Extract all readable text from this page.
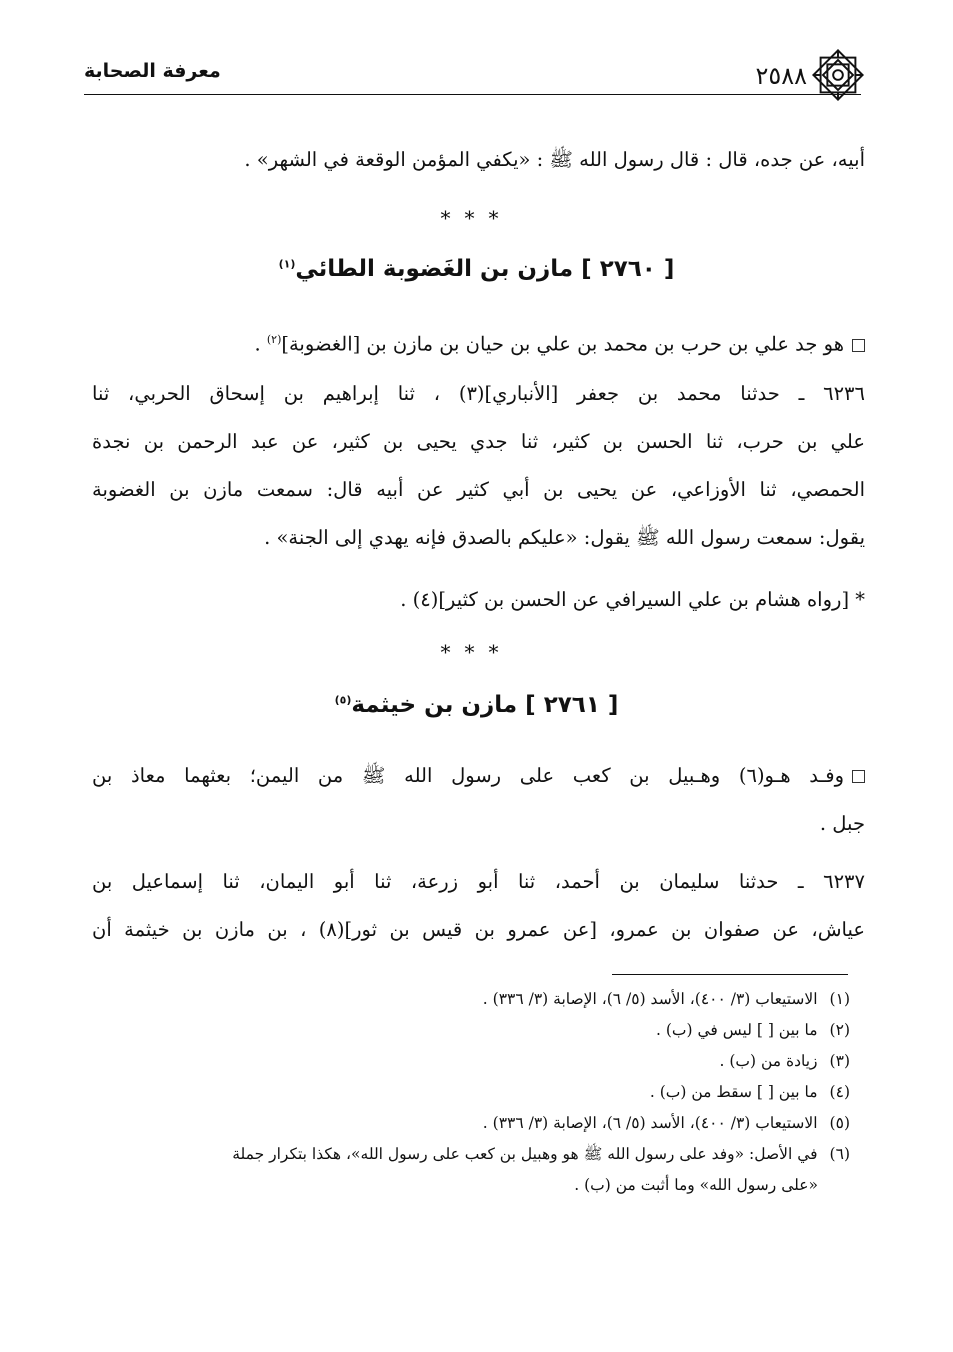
معرفة الصحابة	٢٥٨٨
أبيه، عن جده، قال : قال رسول الله ﷺ : «يكفي المؤمن الوقعة في الشهر» .
***
[ ٢٧٦٠ ] مازن بن الغَضوبة الطائي$^{(١)}$
هو جد علي بن حرب بن محمد بن علي بن حيان بن مازن بن [الغضوبة]$^{(٢)}$ .
٦٢٣٦ ـ حدثنا محمد بن جعفر [الأنباري](٣) ، ثنا إبراهيم بن إسحاق الحربي، ثنا
علي بن حرب، ثنا الحسن بن كثير، ثنا جدي يحيى بن كثير، عن عبد الرحمن بن نجدة
الحمصي، ثنا الأوزاعي، عن يحيى بن أبي كثير عن أبيه قال: سمعت مازن بن الغضوبة
يقول: سمعت رسول الله ﷺ يقول: «عليكم بالصدق فإنه يهدي إلى الجنة» .
* [رواه هشام بن علي السيرافي عن الحسن بن كثير](٤) .
***
[ ٢٧٦١ ] مازن بن خيثمة$^{(٥)}$
وفـد هـو(٦) وهـبيل بن كعب على رسول الله ﷺ من اليمن؛ بعثهما معاذ بن
جبل .
٦٢٣٧ ـ حدثنا سليمان بن أحمد، ثنا أبو زرعة، ثنا أبو اليمان، ثنا إسماعيل بن
عياش، عن صفوان بن عمرو، [عن عمرو بن قيس بن ثور](٨) ، بن مازن بن خيثمة أن
(١)الاستيعاب (٣/ ٤٠٠)، الأسد (٥/ ٦)، الإصابة (٣/ ٣٣٦) .
(٢)ما بين [ ] ليس في (ب) .
(٣)زيادة من (ب) .
(٤)ما بين [ ] سقط من (ب) .
(٥)الاستيعاب (٣/ ٤٠٠)، الأسد (٥/ ٦)، الإصابة (٣/ ٣٣٦) .
(٦)في الأصل: «وفد على رسول الله ﷺ هو وهبيل بن كعب على رسول الله»، هكذا بتكرار جملة
«على رسول الله» وما أثبت من (ب) .
